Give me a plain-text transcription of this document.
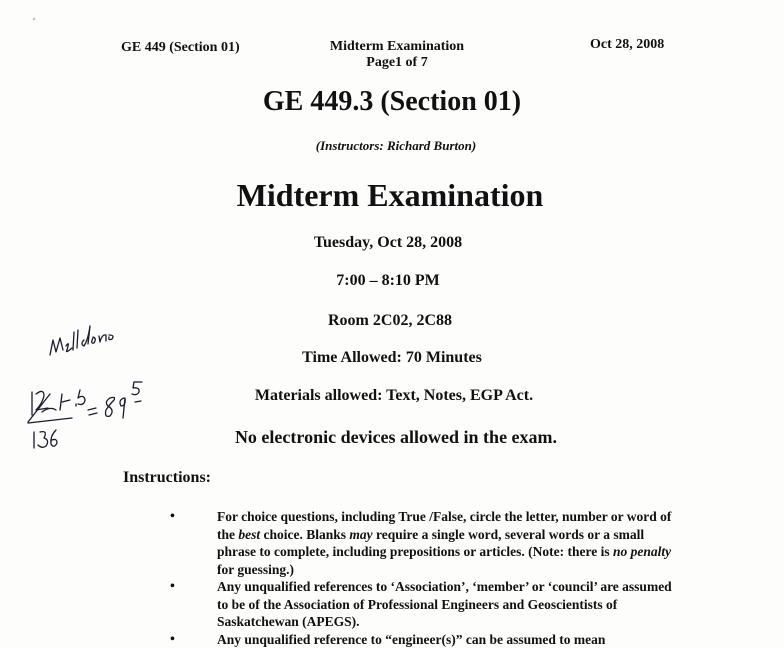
GE 449 (Section 01)	Midterm Examination
Page1 of 7
Oct 28, 2008
GE 449.3 (Section 01)
(Instructors: Richard Burton)
Midterm Examination
Tuesday, Oct 28, 2008
7:00 – 8:10 PM
Room 2C02, 2C88
Time Allowed: 70 Minutes
Materials allowed: Text, Notes, EGP Act.
No electronic devices allowed in the exam.
Instructions:
•	For choice questions, including True /False, circle the letter, number or word of the best choice. Blanks may require a single word, several words or a small phrase to complete, including prepositions or articles. (Note: there is no penalty for guessing.)
•	Any unqualified references to ‘Association’, ‘member’ or ‘council’ are assumed to be of the Association of Professional Engineers and Geoscientists of Saskatchewan (APEGS).
•	Any unqualified reference to “engineer(s)” can be assumed to mean
